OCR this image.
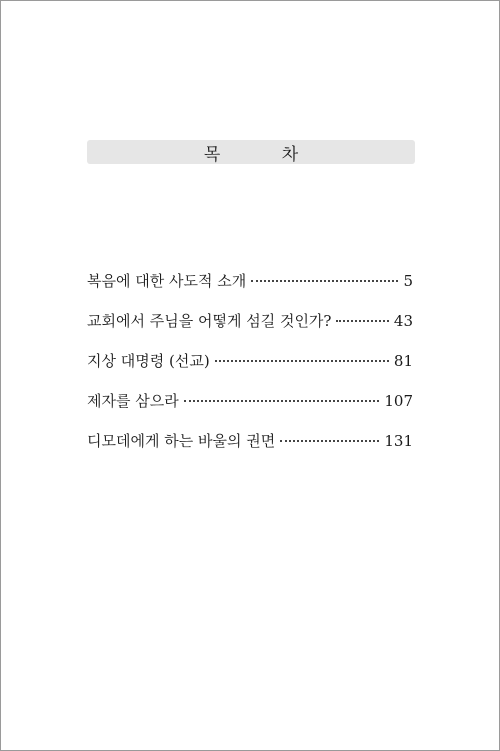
목 차
복음에 대한 사도적 소개	5
교회에서 주님을 어떻게 섬길 것인가?	43
지상 대명령 (선교)	81
제자를 삼으라	107
디모데에게 하는 바울의 권면	131
